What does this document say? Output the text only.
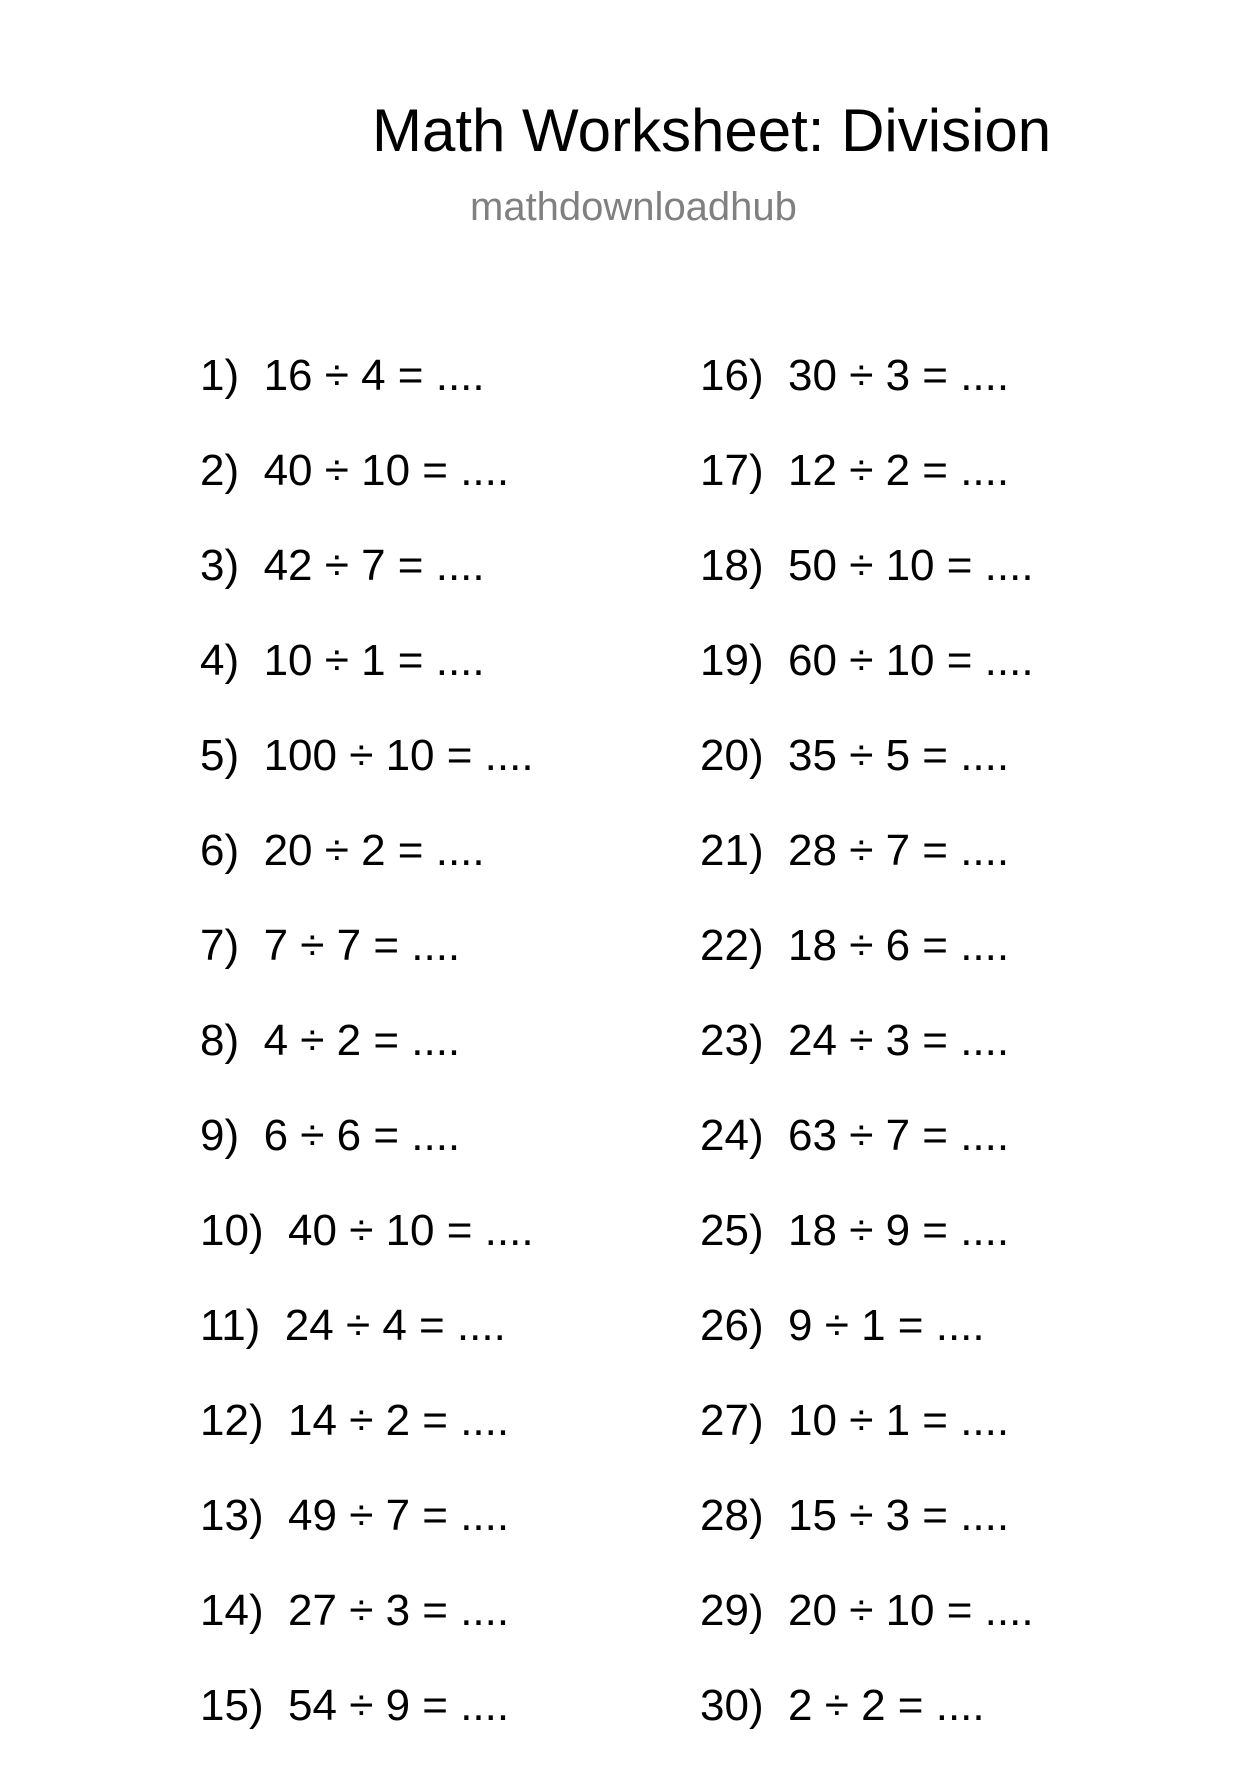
Math Worksheet: Division
mathdownloadhub
1)  16 ÷ 4 = ....
2)  40 ÷ 10 = ....
3)  42 ÷ 7 = ....
4)  10 ÷ 1 = ....
5)  100 ÷ 10 = ....
6)  20 ÷ 2 = ....
7)  7 ÷ 7 = ....
8)  4 ÷ 2 = ....
9)  6 ÷ 6 = ....
10)  40 ÷ 10 = ....
11)  24 ÷ 4 = ....
12)  14 ÷ 2 = ....
13)  49 ÷ 7 = ....
14)  27 ÷ 3 = ....
15)  54 ÷ 9 = ....
16)  30 ÷ 3 = ....
17)  12 ÷ 2 = ....
18)  50 ÷ 10 = ....
19)  60 ÷ 10 = ....
20)  35 ÷ 5 = ....
21)  28 ÷ 7 = ....
22)  18 ÷ 6 = ....
23)  24 ÷ 3 = ....
24)  63 ÷ 7 = ....
25)  18 ÷ 9 = ....
26)  9 ÷ 1 = ....
27)  10 ÷ 1 = ....
28)  15 ÷ 3 = ....
29)  20 ÷ 10 = ....
30)  2 ÷ 2 = ....
